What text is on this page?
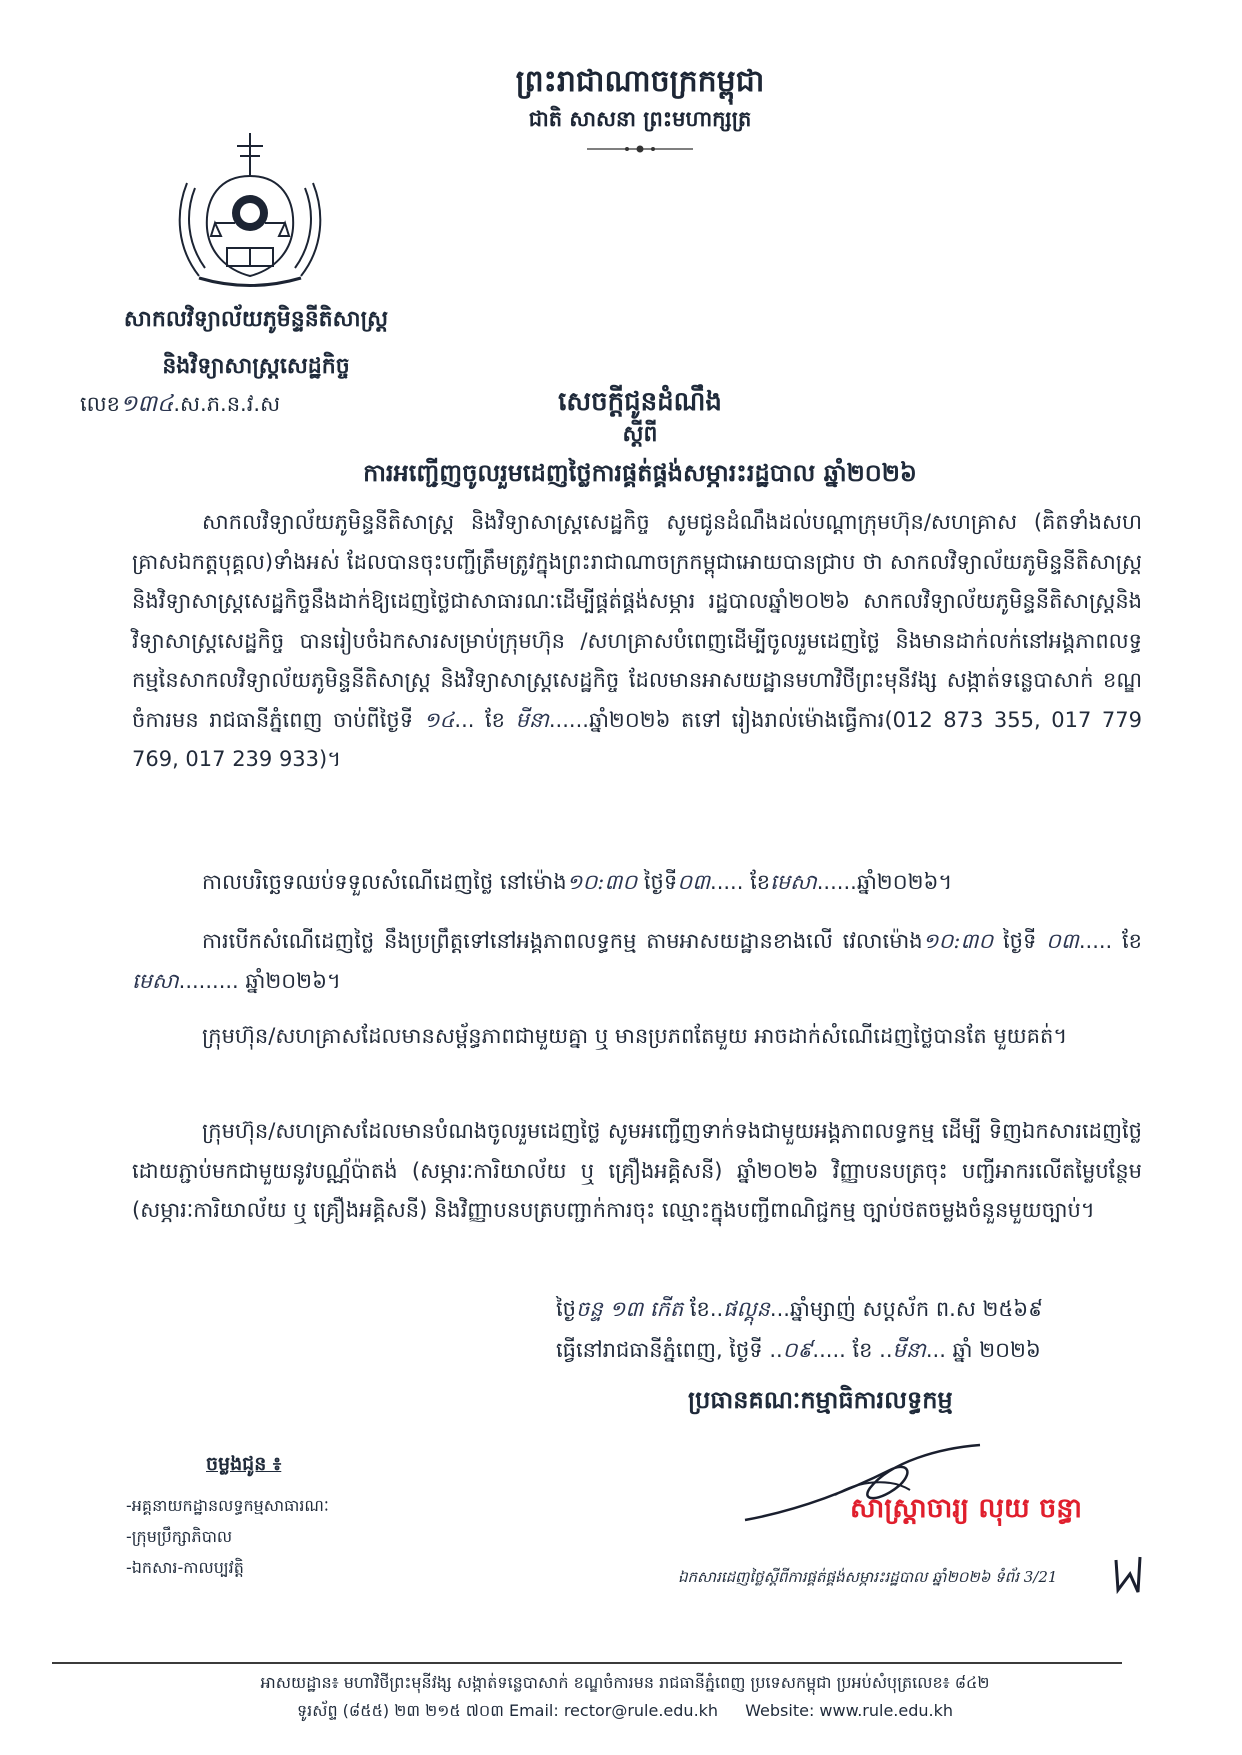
ព្រះរាជាណាចក្រកម្ពុជា
ជាតិ សាសនា ព្រះមហាក្សត្រ
សាកលវិទ្យាល័យភូមិន្ទនីតិសាស្ត្រ
និងវិទ្យាសាស្ត្រសេដ្ឋកិច្ច
លេខ១៣៤.ស.ភ.ន.វ.ស	សេចក្តីជូនដំណឹង
ស្តីពី
ការអញ្ជើញចូលរួមដេញថ្លៃការផ្គត់ផ្គង់សម្ភារះរដ្ឋបាល ឆ្នាំ២០២៦
សាកលវិទ្យាល័យភូមិន្ទនីតិសាស្ត្រ និងវិទ្យាសាស្ត្រសេដ្ឋកិច្ច សូមជូនដំណឹងដល់បណ្តាក្រុមហ៊ុន/សហគ្រាស (គិតទាំងសហគ្រាសឯកត្តបុគ្គល)ទាំងអស់ ដែលបានចុះបញ្ជីត្រឹមត្រូវក្នុងព្រះរាជាណាចក្រកម្ពុជាអោយបានជ្រាប ថា សាកលវិទ្យាល័យភូមិន្ទនីតិសាស្ត្រនិងវិទ្យាសាស្ត្រសេដ្ឋកិច្ចនឹងដាក់ឱ្យដេញថ្លៃជាសាធារណៈដើម្បីផ្គត់ផ្គង់សម្ភារ រដ្ឋបាលឆ្នាំ២០២៦ សាកលវិទ្យាល័យភូមិន្ទនីតិសាស្ត្រនិងវិទ្យាសាស្ត្រសេដ្ឋកិច្ច បានរៀបចំឯកសារសម្រាប់ក្រុមហ៊ុន /សហគ្រាសបំពេញដើម្បីចូលរួមដេញថ្លៃ និងមានដាក់លក់នៅអង្គភាពលទ្ធកម្មនៃសាកលវិទ្យាល័យភូមិន្ទនីតិសាស្ត្រ និងវិទ្យាសាស្ត្រសេដ្ឋកិច្ច ដែលមានអាសយដ្ឋានមហាវិថីព្រះមុនីវង្ស សង្កាត់ទន្លេបាសាក់ ខណ្ឌចំការមន រាជធានីភ្នំពេញ ចាប់ពីថ្ងៃទី ១៤... ខែ មីនា......ឆ្នាំ២០២៦ តទៅ រៀងរាល់ម៉ោងធ្វើការ(012 873 355, 017 779 769, 017 239 933)។
កាលបរិច្ឆេទឈប់ទទួលសំណើដេញថ្លៃ នៅម៉ោង១០:៣០ ថ្ងៃទី០៣..... ខែមេសា......ឆ្នាំ២០២៦។
ការបើកសំណើដេញថ្លៃ នឹងប្រព្រឹត្តទៅនៅអង្គភាពលទ្ធកម្ម តាមអាសយដ្ឋានខាងលើ វេលាម៉ោង១០:៣០ ថ្ងៃទី ០៣..... ខែ មេសា......... ឆ្នាំ២០២៦។
ក្រុមហ៊ុន/សហគ្រាសដែលមានសម្ព័ន្ធភាពជាមួយគ្នា ឬ មានប្រភពតែមួយ អាចដាក់សំណើដេញថ្លៃបានតែ មួយគត់។
ក្រុមហ៊ុន/សហគ្រាសដែលមានបំណងចូលរួមដេញថ្លៃ សូមអញ្ជើញទាក់ទងជាមួយអង្គភាពលទ្ធកម្ម ដើម្បី ទិញឯកសារដេញថ្លៃ ដោយភ្ជាប់មកជាមួយនូវបណ្ណ័ប៉ាតង់ (សម្ភារៈការិយាល័យ ឬ គ្រឿងអគ្គិសនី) ឆ្នាំ២០២៦ វិញ្ញាបនបត្រចុះ បញ្ជីអាករលើតម្លៃបន្ថែម (សម្ភារៈការិយាល័យ ឬ គ្រឿងអគ្គិសនី) និងវិញ្ញាបនបត្របញ្ជាក់ការចុះ ឈ្មោះក្នុងបញ្ជីពាណិជ្ជកម្ម ច្បាប់ថតចម្លងចំនួនមួយច្បាប់។
ថ្ងៃចន្ទ ១៣ កើត ខែ..ផល្គុន...ឆ្នាំម្សាញ់ សប្តស័ក ព.ស ២៥៦៩
ធ្វើនៅរាជធានីភ្នំពេញ, ថ្ងៃទី ..០៩..... ខែ ..មីនា... ឆ្នាំ ២០២៦
ប្រធានគណៈកម្មាធិការលទ្ធកម្ម
សាស្ត្រាចារ្យ លុយ ចន្ធា
ចម្លងជូន ៖
-អគ្គនាយកដ្ឋានលទ្ធកម្មសាធារណៈ
-ក្រុមប្រឹក្សាភិបាល
-ឯកសារ-កាលប្បវត្តិ	ឯកសារដេញថ្លៃស្តីពីការផ្គត់ផ្គង់សម្ភារះរដ្ឋបាល ឆ្នាំ២០២៦ ទំព័រ 3/21
អាសយដ្ឋាន៖ មហាវិថីព្រះមុនីវង្ស សង្កាត់ទន្លេបាសាក់ ខណ្ឌចំការមន រាជធានីភ្នំពេញ ប្រទេសកម្ពុជា ប្រអប់សំបុត្រលេខ៖ ៨៤២
ទូរស័ព្ទ (៨៥៥) ២៣ ២១៥ ៧០៣ Email: rector@rule.edu.kh Website: www.rule.edu.kh
